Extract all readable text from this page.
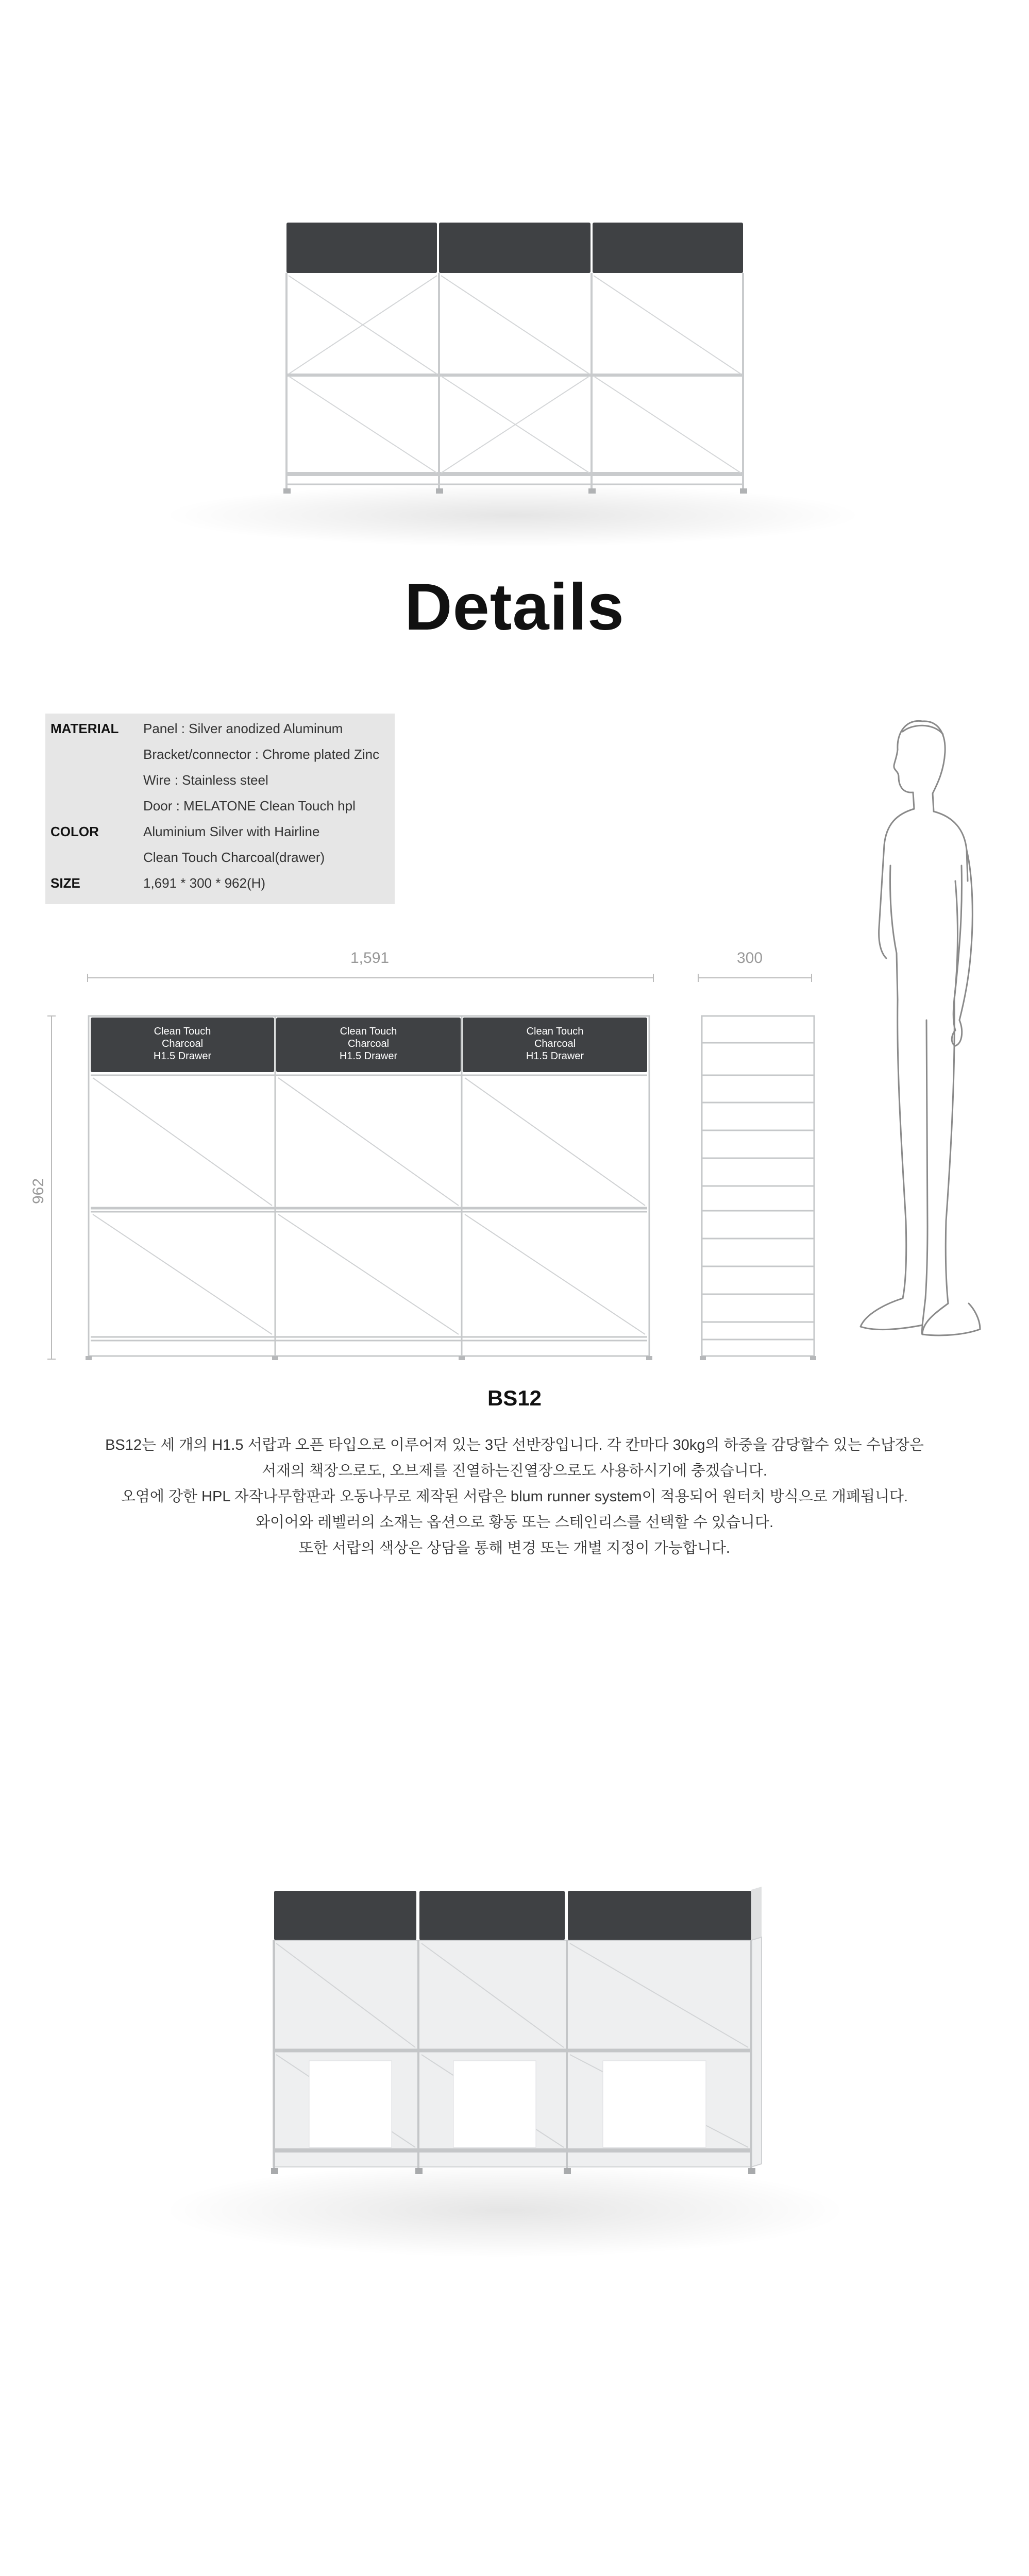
Details
MATERIAL Panel : Silver anodized Aluminum
Bracket/connector : Chrome plated Zinc
Wire : Stainless steel
Door : MELATONE Clean Touch hpl
COLOR	Aluminium Silver with Hairline
Clean Touch Charcoal(drawer)
SIZE	1,691 * 300 * 962(H)
1,591	300
962
Clean Touch
Charcoal
H1.5 Drawer
Clean Touch
Charcoal
H1.5 Drawer
Clean Touch
Charcoal
H1.5 Drawer
BS12
BS12는 세 개의 H1.5 서랍과 오픈 타입으로 이루어져 있는 3단 선반장입니다. 각 칸마다 30kg의 하중을 감당할수 있는 수납장은
서재의 책장으로도, 오브제를 진열하는진열장으로도 사용하시기에 충겠습니다.
오염에 강한 HPL 자작나무합판과 오동나무로 제작된 서랍은 blum runner system이 적용되어 원터치 방식으로 개폐됩니다.
와이어와 레벨러의 소재는 옵션으로 황동 또는 스테인리스를 선택할 수 있습니다.
또한 서랍의 색상은 상담을 통해 변경 또는 개별 지정이 가능합니다.
